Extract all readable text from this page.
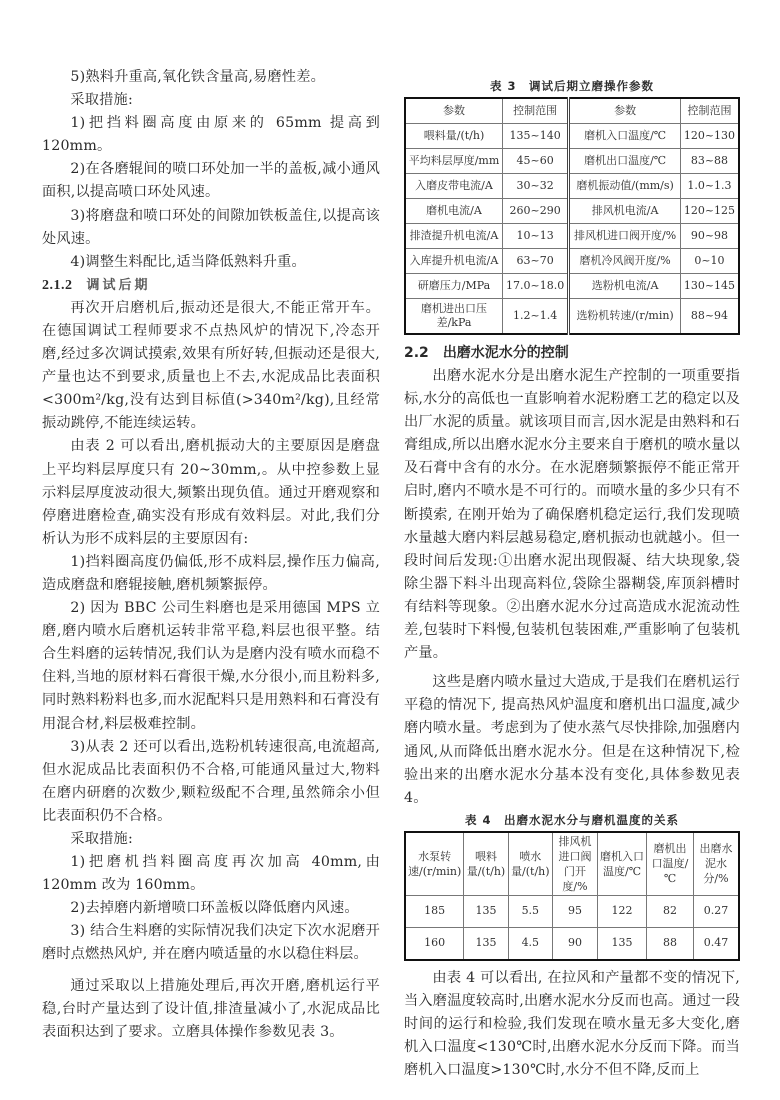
5)熟料升重高,氧化铁含量高,易磨性差。

采取措施:

1)把挡料圈高度由原来的 65mm 提高到 120mm。

2)在各磨辊间的喷口环处加一半的盖板,减小通风面积,以提高喷口环处风速。

3)将磨盘和喷口环处的间隙加铁板盖住,以提高该处风速。

4)调整生料配比,适当降低熟料升重。

2.1.2 调试后期

再次开启磨机后,振动还是很大,不能正常开车。在德国调试工程师要求不点热风炉的情况下,冷态开磨,经过多次调试摸索,效果有所好转,但振动还是很大,产量也达不到要求,质量也上不去,水泥成品比表面积<300m²/kg,没有达到目标值(>340m²/kg),且经常振动跳停,不能连续运转。

由表 2 可以看出,磨机振动大的主要原因是磨盘上平均料层厚度只有 20~30mm,。从中控参数上显示料层厚度波动很大,频繁出现负值。通过开磨观察和停磨进磨检查,确实没有形成有效料层。对此,我们分析认为形不成料层的主要原因有:

1)挡料圈高度仍偏低,形不成料层,操作压力偏高,造成磨盘和磨辊接触,磨机频繁振停。

2) 因为 BBC 公司生料磨也是采用德国 MPS 立磨,磨内喷水后磨机运转非常平稳,料层也很平整。结合生料磨的运转情况,我们认为是磨内没有喷水而稳不住料,当地的原材料石膏很干燥,水分很小,而且粉料多,同时熟料粉料也多,而水泥配料只是用熟料和石膏没有用混合材,料层极难控制。

3)从表 2 还可以看出,选粉机转速很高,电流超高,但水泥成品比表面积仍不合格,可能通风量过大,物料在磨内研磨的次数少,颗粒级配不合理,虽然筛余小但比表面积仍不合格。

采取措施:

1)把磨机挡料圈高度再次加高 40mm,由 120mm 改为 160mm。

2)去掉磨内新增喷口环盖板以降低磨内风速。

3) 结合生料磨的实际情况我们决定下次水泥磨开磨时点燃热风炉, 并在磨内喷适量的水以稳住料层。

通过采取以上措施处理后,再次开磨,磨机运行平稳,台时产量达到了设计值,排渣量减小了,水泥成品比表面积达到了要求。立磨具体操作参数见表 3。

表 3　调试后期立磨操作参数
参数	控制范围	参数	控制范围
喂料量/(t/h)	135~140	磨机入口温度/℃	120~130
平均料层厚度/mm	45~60	磨机出口温度/℃	83~88
入磨皮带电流/A	30~32	磨机振动值/(mm/s)	1.0~1.3
磨机电流/A	260~290	排风机电流/A	120~125
排渣提升机电流/A	10~13	排风机进口阀开度/%	90~98
入库提升机电流/A	63~70	磨机冷风阀开度/%	0~10
研磨压力/MPa	17.0~18.0	选粉机电流/A	130~145
磨机进出口压差/kPa	1.2~1.4	选粉机转速/(r/min)	88~94
2.2 出磨水泥水分的控制

出磨水泥水分是出磨水泥生产控制的一项重要指标,水分的高低也一直影响着水泥粉磨工艺的稳定以及出厂水泥的质量。就该项目而言,因水泥是由熟料和石膏组成,所以出磨水泥水分主要来自于磨机的喷水量以及石膏中含有的水分。在水泥磨频繁振停不能正常开启时,磨内不喷水是不可行的。而喷水量的多少只有不断摸索, 在刚开始为了确保磨机稳定运行,我们发现喷水量越大磨内料层越易稳定,磨机振动也就越小。但一段时间后发现:①出磨水泥出现假凝、结大块现象,袋除尘器下料斗出现高料位,袋除尘器糊袋,库顶斜槽时有结料等现象。②出磨水泥水分过高造成水泥流动性差,包装时下料慢,包装机包装困难,严重影响了包装机产量。

这些是磨内喷水量过大造成,于是我们在磨机运行平稳的情况下, 提高热风炉温度和磨机出口温度,减少磨内喷水量。考虑到为了使水蒸气尽快排除,加强磨内通风,从而降低出磨水泥水分。但是在这种情况下,检验出来的出磨水泥水分基本没有变化,具体参数见表 4。

表 4　出磨水泥水分与磨机温度的关系
水泵转速/(r/min)	喂料量/(t/h)	喷水量/(t/h)	排风机进口阀门开度/%	磨机入口温度/℃	磨机出口温度/℃	出磨水泥水分/%
185	135	5.5	95	122	82	0.27
160	135	4.5	90	135	88	0.47

由表 4 可以看出, 在拉风和产量都不变的情况下,当入磨温度较高时,出磨水泥水分反而也高。通过一段时间的运行和检验,我们发现在喷水量无多大变化,磨机入口温度<130℃时,出磨水泥水分反而下降。而当磨机入口温度>130℃时,水分不但不降,反而上
